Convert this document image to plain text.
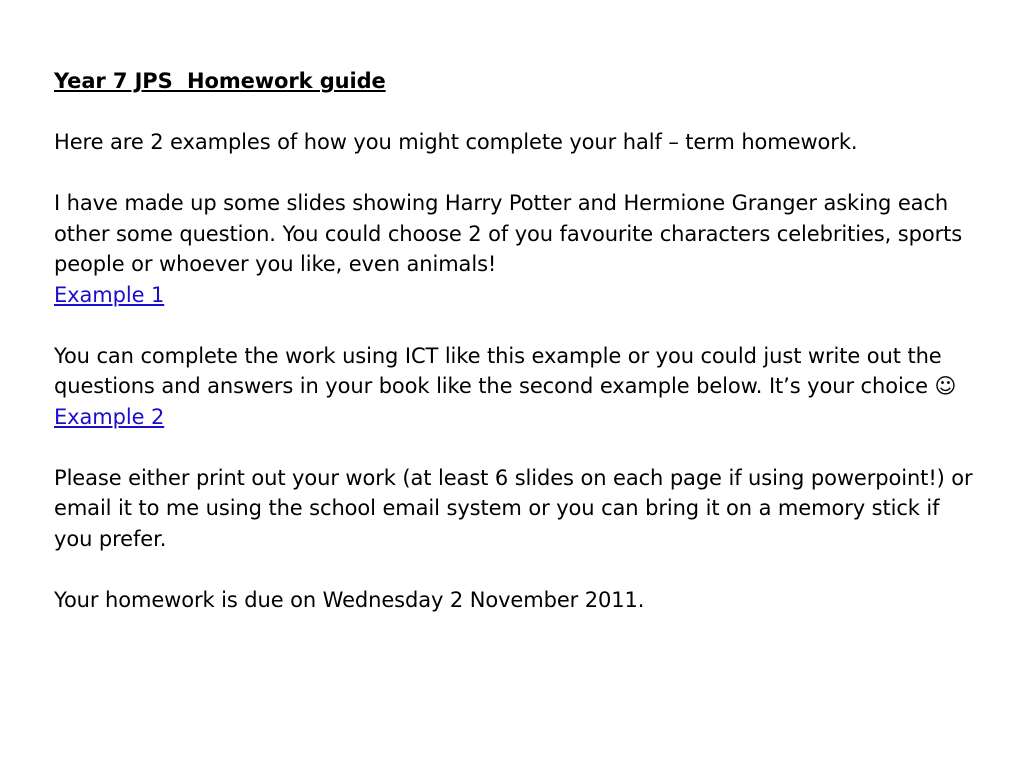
Year 7 JPS  Homework guide
Here are 2 examples of how you might complete your half – term homework.
I have made up some slides showing Harry Potter and Hermione Granger asking each other some question. You could choose 2 of you favourite characters celebrities, sports people or whoever you like, even animals!
Example 1
You can complete the work using ICT like this example or you could just write out the questions and answers in your book like the second example below. It’s your choice ☺
Example 2
Please either print out your work (at least 6 slides on each page if using powerpoint!) or email it to me using the school email system or you can bring it on a memory stick if you prefer.
Your homework is due on Wednesday 2 November 2011.
